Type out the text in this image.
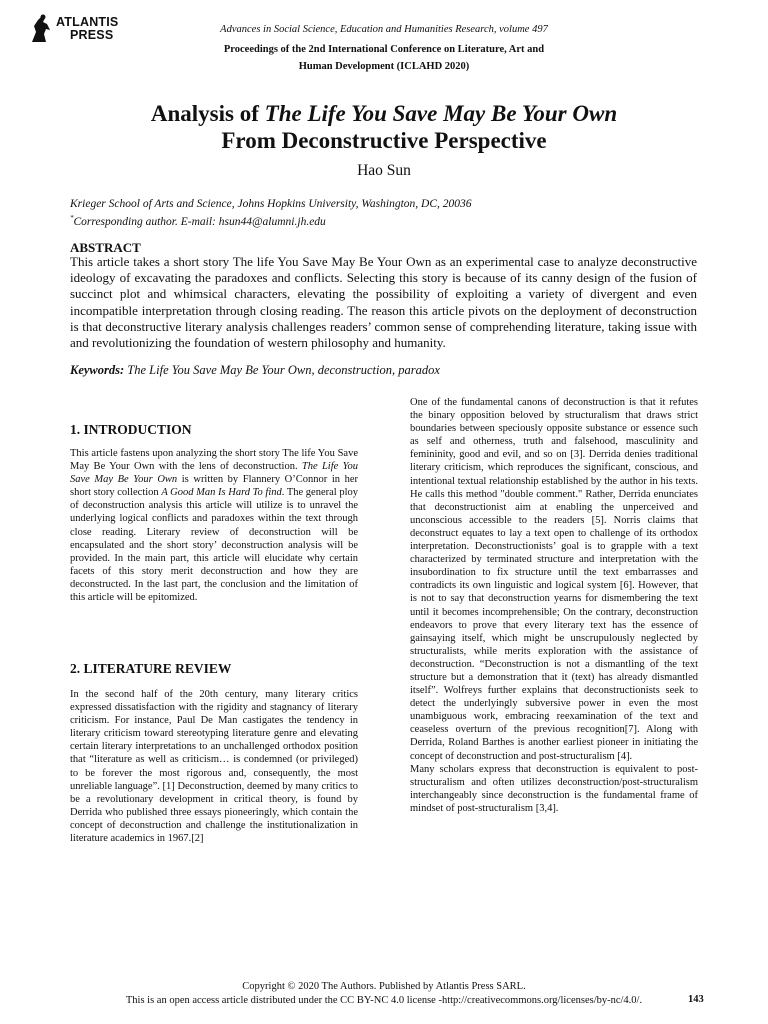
ATLANTIS
PRESS	Advances in Social Science, Education and Humanities Research, volume 497
Proceedings of the 2nd International Conference on Literature, Art and
Human Development (ICLAHD 2020)
Analysis of The Life You Save May Be Your Own
From Deconstructive Perspective
Hao Sun
Krieger School of Arts and Science, Johns Hopkins University, Washington, DC, 20036
*Corresponding author. E-mail: hsun44@alumni.jh.edu
ABSTRACT
This article takes a short story The life You Save May Be Your Own as an experimental case to analyze deconstructive ideology of excavating the paradoxes and conflicts. Selecting this story is because of its canny design of the fusion of succinct plot and whimsical characters, elevating the possibility of exploiting a variety of divergent and even incompatible interpretation through closing reading. The reason this article pivots on the deployment of deconstruction is that deconstructive literary analysis challenges readers’ common sense of comprehending literature, taking issue with and revolutionizing the foundation of western philosophy and humanity.
Keywords: The Life You Save May Be Your Own, deconstruction, paradox
1. INTRODUCTION
This article fastens upon analyzing the short story The life You Save May Be Your Own with the lens of deconstruction. The Life You Save May Be Your Own is written by Flannery O’Connor in her short story collection A Good Man Is Hard To find. The general ploy of deconstruction analysis this article will utilize is to unravel the underlying logical conflicts and paradoxes within the text through close reading. Literary review of deconstruction will be encapsulated and the short story’ deconstruction analysis will be provided. In the main part, this article will elucidate why certain facets of this story merit deconstruction and how they are deconstructed. In the last part, the conclusion and the limitation of this article will be epitomized.
2. LITERATURE REVIEW
In the second half of the 20th century, many literary critics expressed dissatisfaction with the rigidity and stagnancy of literary criticism. For instance, Paul De Man castigates the tendency in literary criticism toward stereotyping literature genre and elevating certain literary interpretations to an unchallenged orthodox position that “literature as well as criticism… is condemned (or privileged) to be forever the most rigorous and, consequently, the most unreliable language”. [1] Deconstruction, deemed by many critics to be a revolutionary development in critical theory, is found by Derrida who published three essays pioneeringly, which contain the concept of deconstruction and challenge the institutionalization in literature academics in 1967.[2]
One of the fundamental canons of deconstruction is that it refutes the binary opposition beloved by structuralism that draws strict boundaries between speciously opposite substance or essence such as self and otherness, truth and falsehood, masculinity and femininity, good and evil, and so on [3]. Derrida denies traditional literary criticism, which reproduces the significant, conscious, and intentional textual relationship established by the author in his texts. He calls this method "double comment." Rather, Derrida enunciates that deconstructionist aim at enabling the unperceived and unconscious accessible to the readers [5]. Norris claims that deconstruct equates to lay a text open to challenge of its orthodox interpretation. Deconstructionists’ goal is to grapple with a text characterized by terminated structure and interpretation with the insubordination to fix structure until the text embarrasses and contradicts its own linguistic and logical system [6]. However, that is not to say that deconstruction yearns for dismembering the text until it becomes incomprehensible; On the contrary, deconstruction endeavors to prove that every literary text has the essence of gainsaying itself, which might be unscrupulously neglected by structuralists, while merits exploration with the assistance of deconstruction. “Deconstruction is not a dismantling of the text structure but a demonstration that it (text) has already dismantled itself”. Wolfreys further explains that deconstructionists seek to detect the underlyingly subversive power in even the most unambiguous work, embracing reexamination of the text and ceaseless overturn of the previous recognition[7]. Along with Derrida, Roland Barthes is another earliest pioneer in initiating the concept of deconstruction and post-structuralism [4].
Many scholars express that deconstruction is equivalent to post-structuralism and often utilizes deconstruction/post-structuralism interchangeably since deconstruction is the fundamental frame of mindset of post-structuralism [3,4].
Copyright © 2020 The Authors. Published by Atlantis Press SARL.
This is an open access article distributed under the CC BY-NC 4.0 license -http://creativecommons.org/licenses/by-nc/4.0/.	143
